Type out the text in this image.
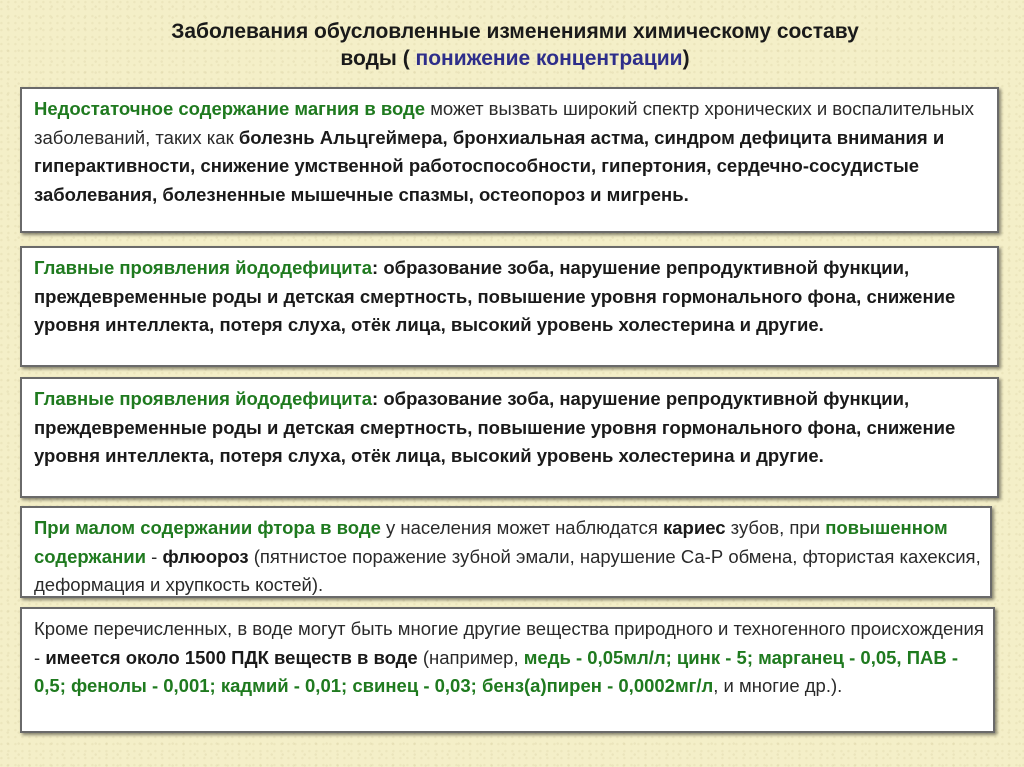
Заболевания обусловленные изменениями химическому составу
воды ( понижение концентрации)
Недостаточное содержание магния в воде может вызвать широкий спектр хронических и воспалительных заболеваний, таких как болезнь Альцгеймера, бронхиальная астма, синдром дефицита внимания и гиперактивности, снижение умственной работоспособности, гипертония, сердечно-сосудистые заболевания, болезненные мышечные спазмы, остеопороз и мигрень.
Главные проявления йододефицита: образование зоба, нарушение репродуктивной функции, преждевременные роды и детская смертность, повышение уровня гормонального фона, снижение уровня интеллекта, потеря слуха, отёк лица, высокий уровень холестерина и другие.
Главные проявления йододефицита: образование зоба, нарушение репродуктивной функции, преждевременные роды и детская смертность, повышение уровня гормонального фона, снижение уровня интеллекта, потеря слуха, отёк лица, высокий уровень холестерина и другие.
При малом содержании фтора в воде у населения может наблюдатся кариес зубов, при повышенном содержании - флюороз (пятнистое поражение зубной эмали, нарушение Са-Р обмена, фтористая кахексия, деформация и хрупкость костей).
Кроме перечисленных, в воде могут быть многие другие вещества природного и техногенного происхождения - имеется около 1500 ПДК веществ в воде (например, медь - 0,05мл/л; цинк - 5; марганец - 0,05, ПАВ - 0,5; фенолы - 0,001; кадмий - 0,01; свинец - 0,03; бенз(а)пирен - 0,0002мг/л, и многие др.).
